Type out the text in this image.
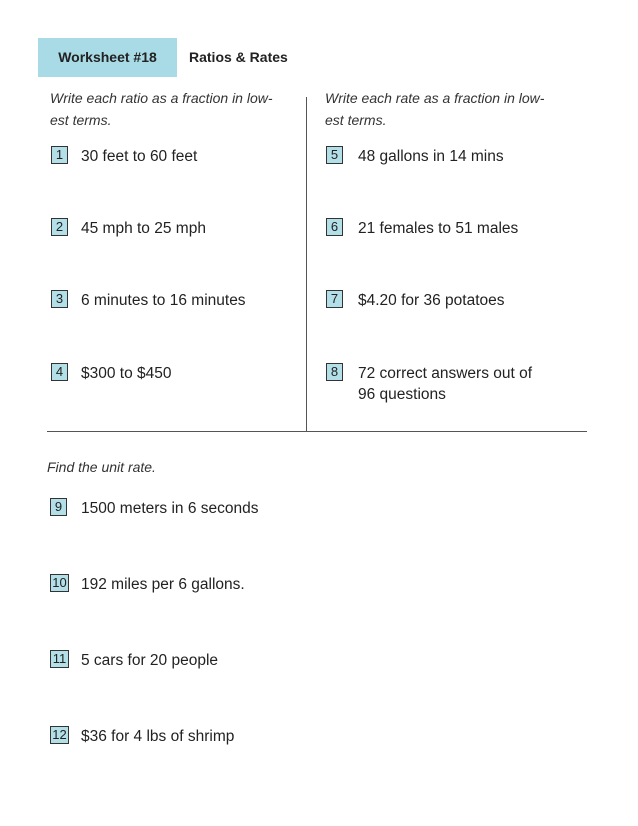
Worksheet #18	Ratios & Rates
Write each ratio as a fraction in low-
est terms.
Write each rate as a fraction in low-
est terms.
1	30 feet to 60 feet
2	45 mph to 25 mph
3	6 minutes to 16 minutes
4	$300 to $450
5	48 gallons in 14 mins
6	21 females to 51 males
7	$4.20 for 36 potatoes
8	72 correct answers out of
96 questions
Find the unit rate.
9	1500 meters in 6 seconds
10 192 miles per 6 gallons.
11 5 cars for 20 people
12 $36 for 4 lbs of shrimp
